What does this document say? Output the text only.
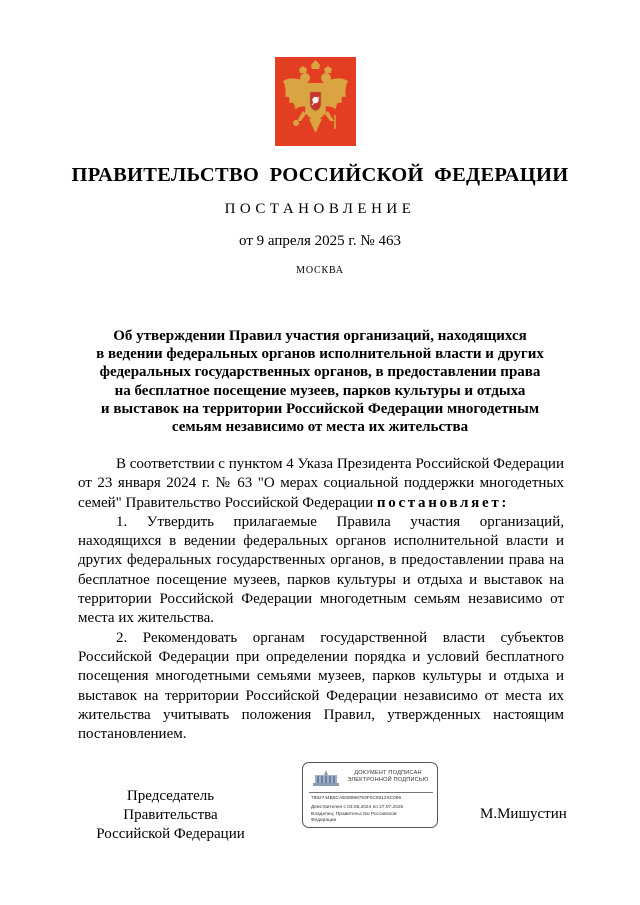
ПРАВИТЕЛЬСТВО РОССИЙСКОЙ ФЕДЕРАЦИИ
ПОСТАНОВЛЕНИЕ
от 9 апреля 2025 г. № 463
МОСКВА
Об утверждении Правил участия организаций, находящихся
в ведении федеральных органов исполнительной власти и других
федеральных государственных органов, в предоставлении права
на бесплатное посещение музеев, парков культуры и отдыха
и выставок на территории Российской Федерации многодетным
семьям независимо от места их жительства

В соответствии с пунктом 4 Указа Президента Российской Федерации от 23 января 2024 г. № 63 "О мерах социальной поддержки многодетных семей" Правительство Российской Федерации постановляет:

1. Утвердить прилагаемые Правила участия организаций, находящихся в ведении федеральных органов исполнительной власти и других федеральных государственных органов, в предоставлении права на бесплатное посещение музеев, парков культуры и отдыха и выставок на территории Российской Федерации многодетным семьям независимо от места их жительства.

2. Рекомендовать органам государственной власти субъектов Российской Федерации при определении порядка и условий бесплатного посещения многодетными семьями музеев, парков культуры и отдыха и выставок на территории Российской Федерации независимо от места их жительства учитывать положения Правил, утвержденных настоящим постановлением.

Председатель Правительства
Российской Федерации
ДОКУМЕНТ ПОДПИСАН
ЭЛЕКТРОННОЙ ПОДПИСЬЮ
7882744B5CAE08996783F0C0812SC096
Действителен с 03.05.2024 по 27.07.2025
Владелец: Правительство Российской
Федерации	М.Мишустин
